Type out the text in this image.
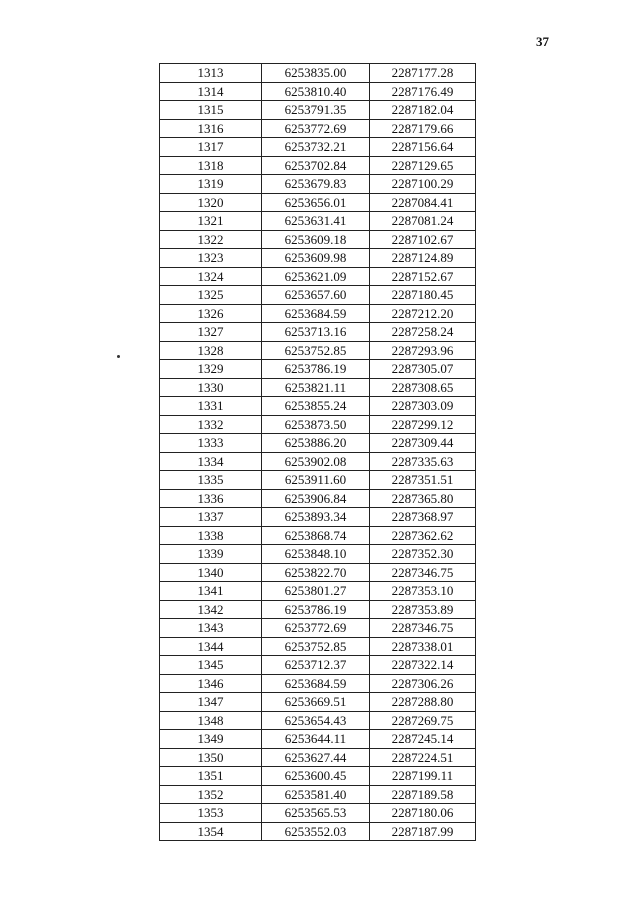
37
1313	6253835.00	2287177.28
1314	6253810.40	2287176.49
1315	6253791.35	2287182.04
1316	6253772.69	2287179.66
1317	6253732.21	2287156.64
1318	6253702.84	2287129.65
1319	6253679.83	2287100.29
1320	6253656.01	2287084.41
1321	6253631.41	2287081.24
1322	6253609.18	2287102.67
1323	6253609.98	2287124.89
1324	6253621.09	2287152.67
1325	6253657.60	2287180.45
1326	6253684.59	2287212.20
1327	6253713.16	2287258.24
1328	6253752.85	2287293.96
1329	6253786.19	2287305.07
1330	6253821.11	2287308.65
1331	6253855.24	2287303.09
1332	6253873.50	2287299.12
1333	6253886.20	2287309.44
1334	6253902.08	2287335.63
1335	6253911.60	2287351.51
1336	6253906.84	2287365.80
1337	6253893.34	2287368.97
1338	6253868.74	2287362.62
1339	6253848.10	2287352.30
1340	6253822.70	2287346.75
1341	6253801.27	2287353.10
1342	6253786.19	2287353.89
1343	6253772.69	2287346.75
1344	6253752.85	2287338.01
1345	6253712.37	2287322.14
1346	6253684.59	2287306.26
1347	6253669.51	2287288.80
1348	6253654.43	2287269.75
1349	6253644.11	2287245.14
1350	6253627.44	2287224.51
1351	6253600.45	2287199.11
1352	6253581.40	2287189.58
1353	6253565.53	2287180.06
1354	6253552.03	2287187.99
